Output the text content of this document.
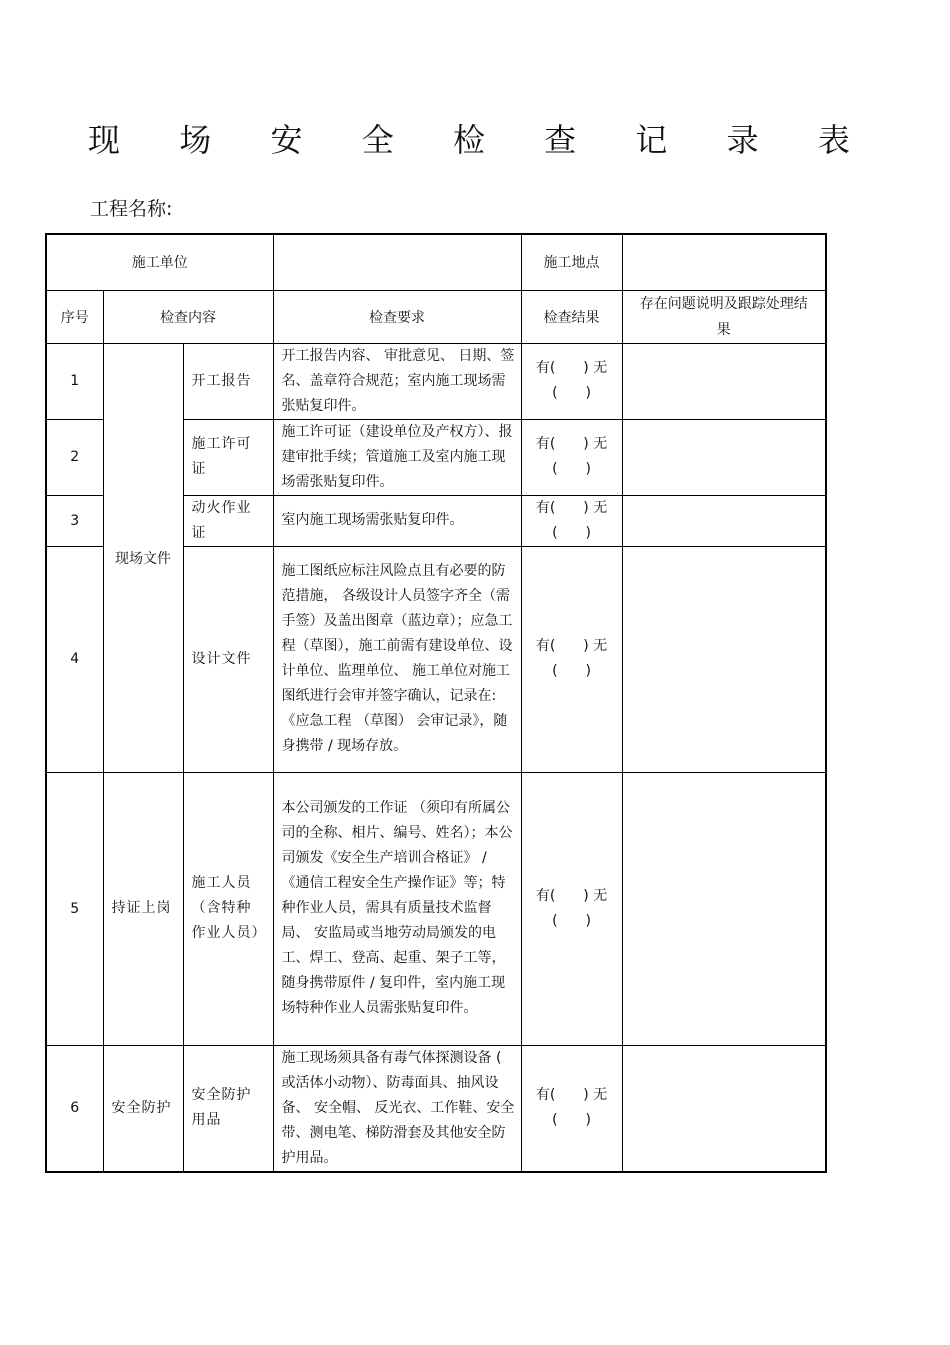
现 场 安 全 检 查 记 录 表
工程名称:
施工单位				施工地点	
序号	检查内容		检查要求	检查结果	存在问题说明及跟踪处理结果

1	现场文件	开工报告	开工报告内容、 审批意见、 日期、签名、盖章符合规范；室内施工现场需张贴复印件。	有(　　) 无(　　)	

2		施工许可证	施工许可证（建设单位及产权方）、报建审批手续；管道施工及室内施工现场需张贴复印件。	有(　　) 无(　　)	

3		动火作业证	室内施工现场需张贴复印件。	有(　　) 无(　　)	

4		设计文件	施工图纸应标注风险点且有必要的防范措施， 各级设计人员签字齐全（需手签）及盖出图章（蓝边章）；应急工程（草图），施工前需有建设单位、设计单位、监理单位、 施工单位对施工图纸进行会审并签字确认，记录在:《应急工程 （草图） 会审记录》，随身携带 / 现场存放。	有(　　) 无(　　)	

5	持证上岗	施工人员（含特种作业人员）	本公司颁发的工作证 （须印有所属公司的全称、相片、编号、姓名）；本公司颁发《安全生产培训合格证》 /《通信工程安全生产操作证》等；特种作业人员，需具有质量技术监督局、 安监局或当地劳动局颁发的电工、焊工、登高、起重、架子工等，随身携带原件 / 复印件，室内施工现场特种作业人员需张贴复印件。	有(　　) 无(　　)	

6	安全防护	安全防护用品	施工现场须具备有毒气体探测设备 ( 或活体小动物）、防毒面具、抽风设备、 安全帽、 反光衣、工作鞋、安全带、测电笔、梯防滑套及其他安全防护用品。	有(　　) 无(　　)	
